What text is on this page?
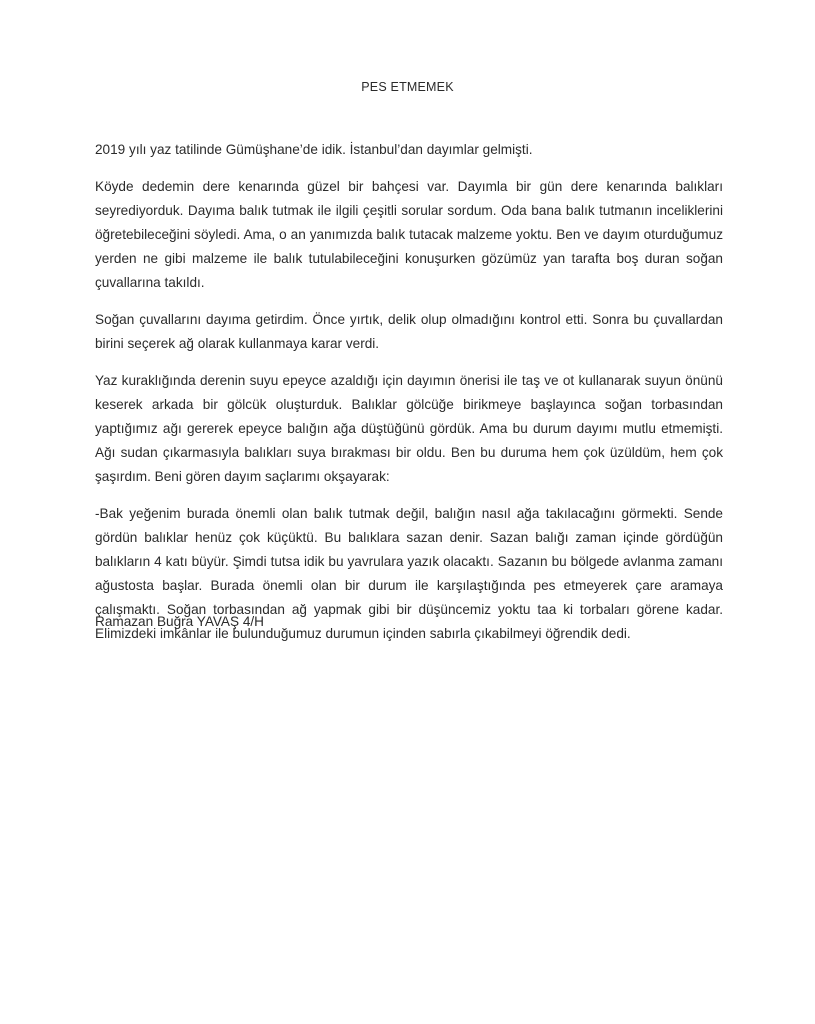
PES ETMEMEK

2019 yılı yaz tatilinde Gümüşhane’de idik. İstanbul’dan dayımlar gelmişti.

Köyde dedemin dere kenarında güzel bir bahçesi var. Dayımla bir gün dere kenarında balıkları seyrediyorduk. Dayıma balık tutmak ile ilgili çeşitli sorular sordum. Oda bana balık tutmanın inceliklerini öğretebileceğini söyledi. Ama, o an yanımızda balık tutacak malzeme yoktu. Ben ve dayım oturduğumuz yerden ne gibi malzeme ile balık tutulabileceğini konuşurken gözümüz yan tarafta boş duran soğan çuvallarına takıldı.

Soğan çuvallarını dayıma getirdim. Önce yırtık, delik olup olmadığını kontrol etti. Sonra bu çuvallardan birini seçerek ağ olarak kullanmaya karar verdi.

Yaz kuraklığında derenin suyu epeyce azaldığı için dayımın önerisi ile taş ve ot kullanarak suyun önünü keserek arkada bir gölcük oluşturduk. Balıklar gölcüğe birikmeye başlayınca soğan torbasından yaptığımız ağı gererek epeyce balığın ağa düştüğünü gördük. Ama bu durum dayımı mutlu etmemişti. Ağı sudan çıkarmasıyla balıkları suya bırakması bir oldu. Ben bu duruma hem çok üzüldüm, hem çok şaşırdım. Beni gören dayım saçlarımı okşayarak:

-Bak yeğenim burada önemli olan balık tutmak değil, balığın nasıl ağa takılacağını görmekti. Sende gördün balıklar henüz çok küçüktü. Bu balıklara sazan denir. Sazan balığı zaman içinde gördüğün balıkların 4 katı büyür. Şimdi tutsa idik bu yavrulara yazık olacaktı. Sazanın bu bölgede avlanma zamanı ağustosta başlar. Burada önemli olan bir durum ile karşılaştığında pes etmeyerek çare aramaya çalışmaktı. Soğan torbasından ağ yapmak gibi bir düşüncemiz yoktu taa ki torbaları görene kadar. Elimizdeki imkânlar ile bulunduğumuz durumun içinden sabırla çıkabilmeyi öğrendik dedi.

Ramazan Buğra YAVAŞ 4/H
